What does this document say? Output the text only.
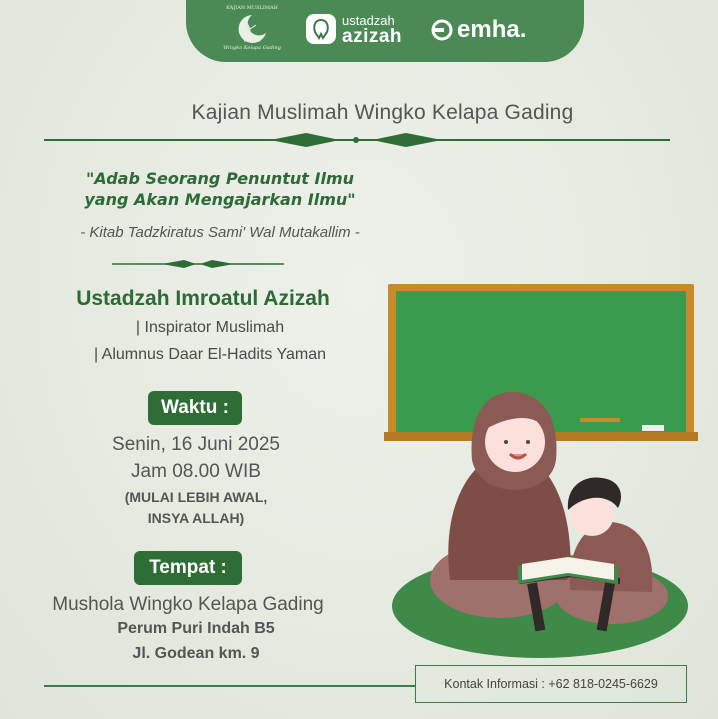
KAJIAN MUSLIMAH
Wingko Kelapa Gading
ustadzah
azizah emha.
Kajian Muslimah Wingko Kelapa Gading
"Adab Seorang Penuntut Ilmu
yang Akan Mengajarkan Ilmu"
- Kitab Tadzkiratus Sami' Wal Mutakallim -
Ustadzah Imroatul Azizah
| Inspirator Muslimah
| Alumnus Daar El-Hadits Yaman
Waktu :
Senin, 16 Juni 2025
Jam 08.00 WIB
(MULAI LEBIH AWAL,
INSYA ALLAH)
Tempat :
Mushola Wingko Kelapa Gading
Perum Puri Indah B5
Jl. Godean km. 9
Kontak Informasi : +62 818-0245-6629
